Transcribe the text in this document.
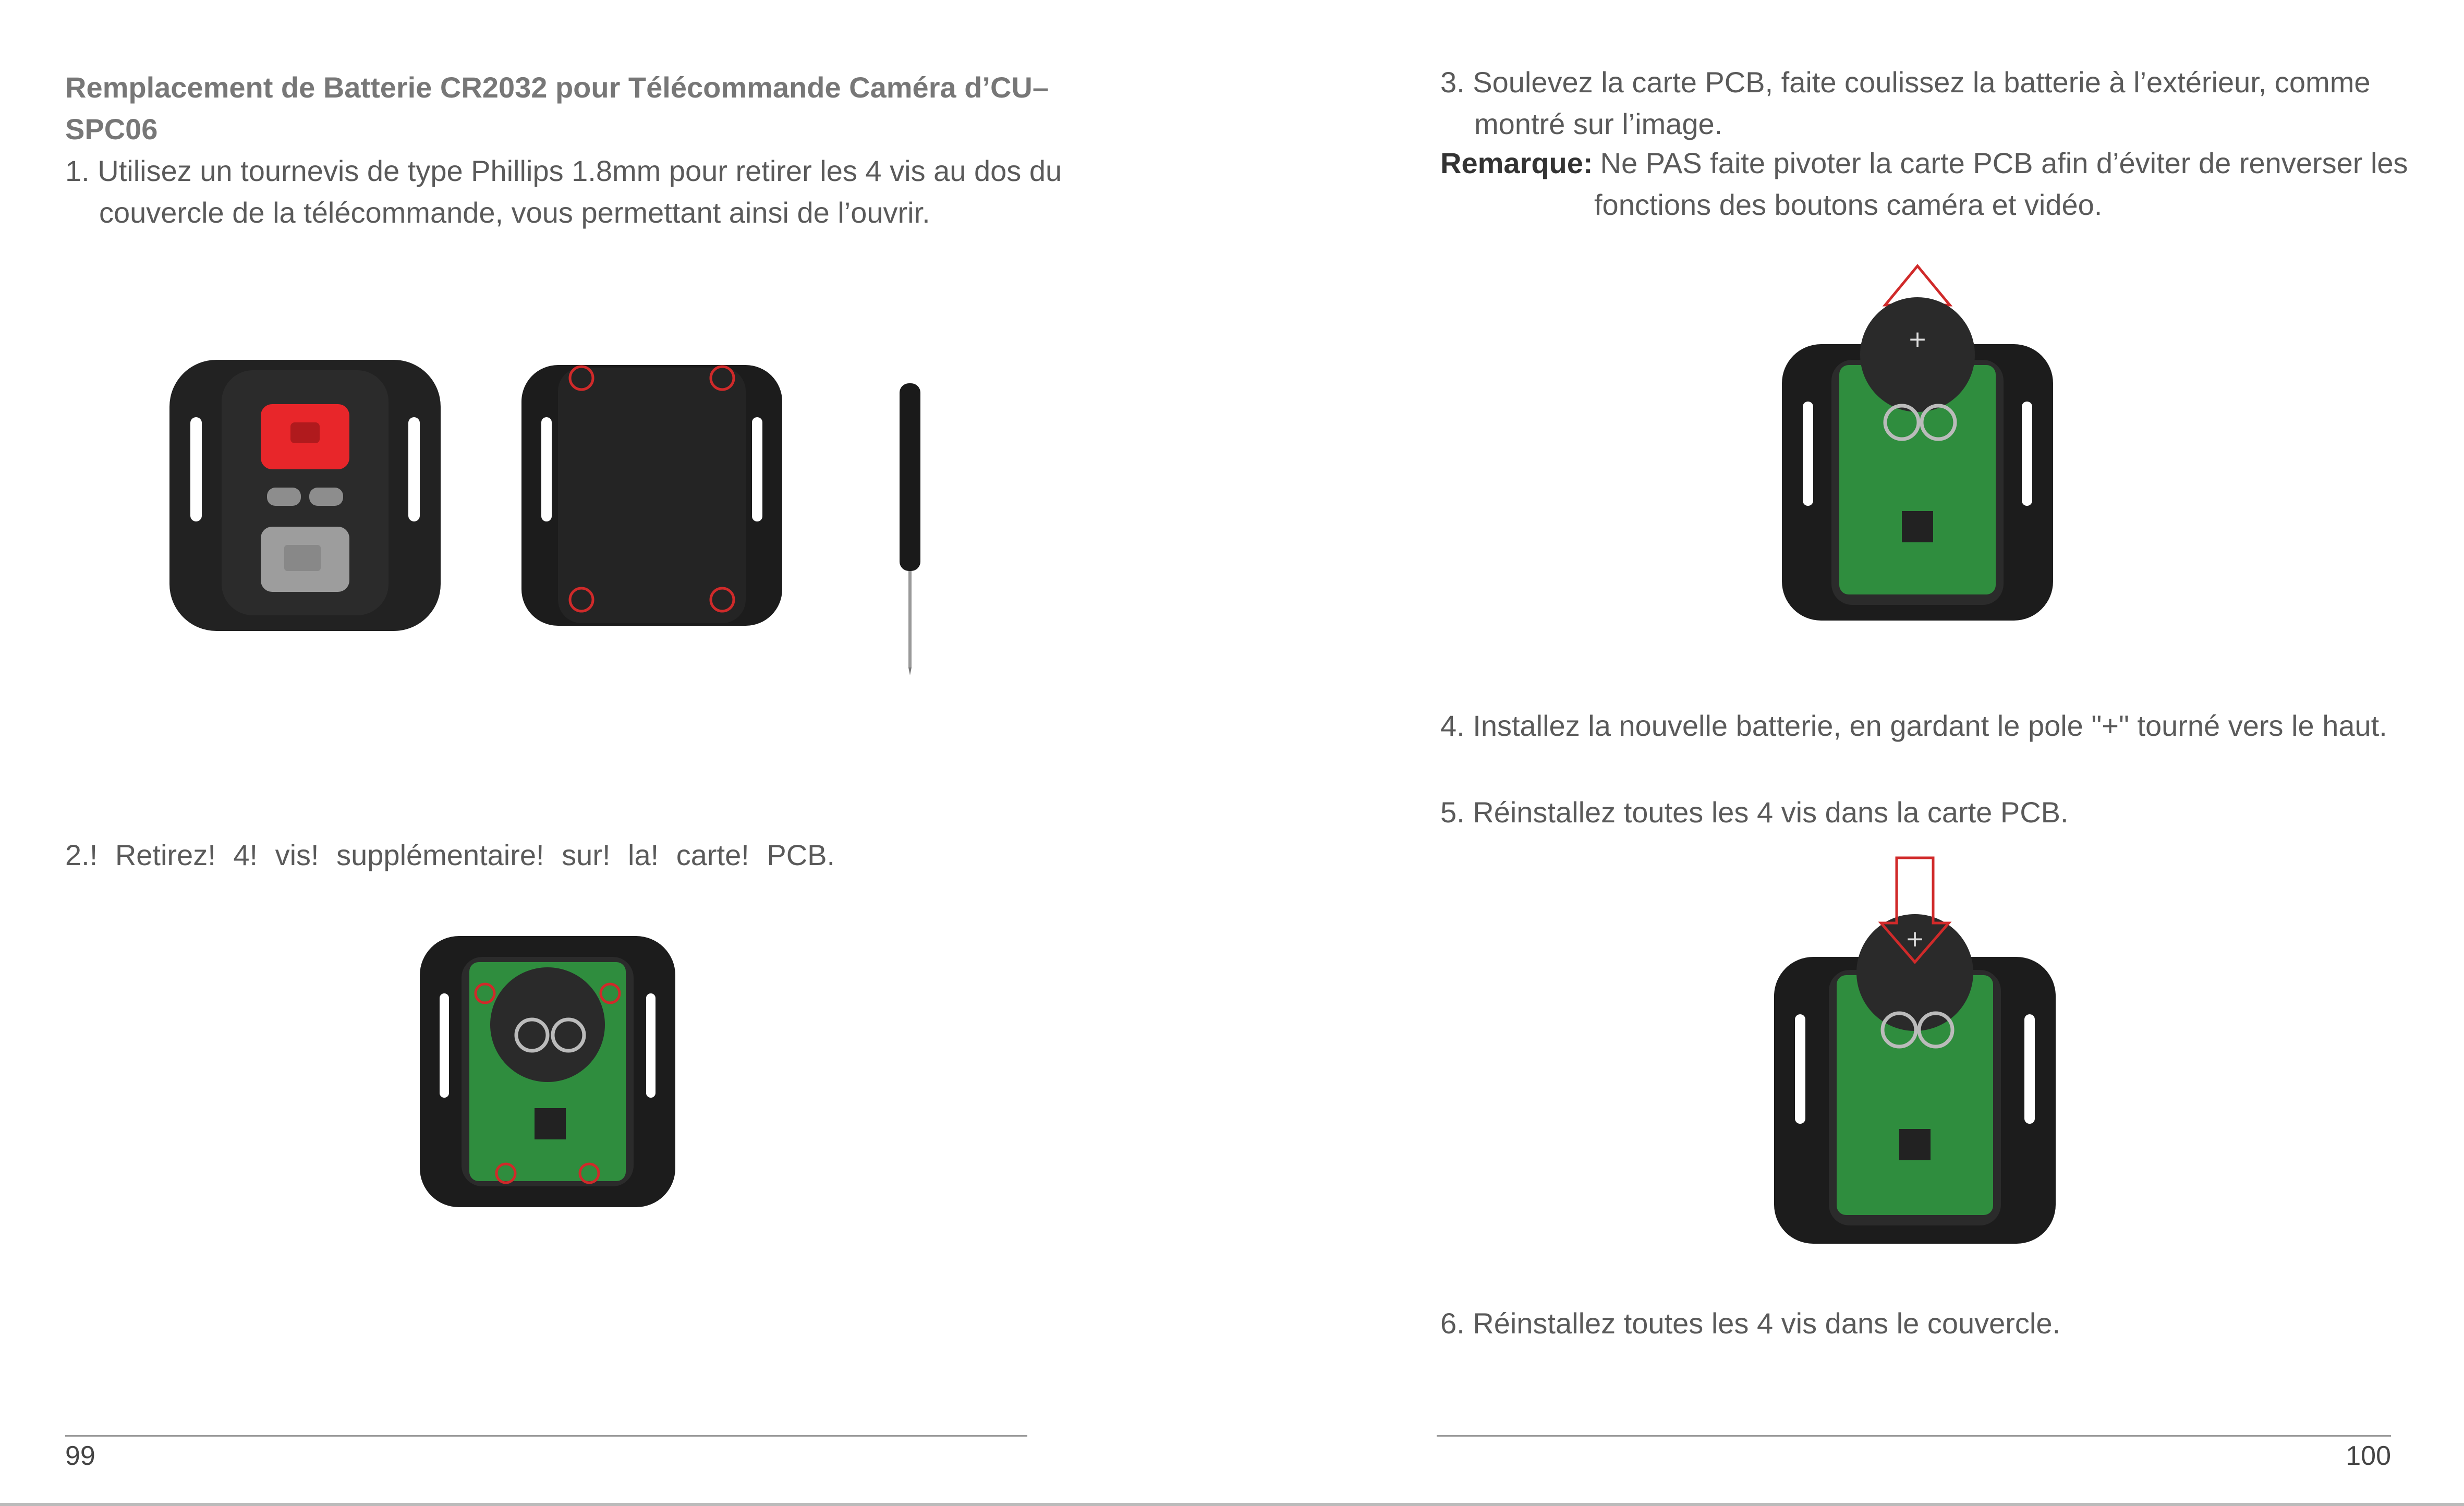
Remplacement de Batterie CR2032 pour Télécommande Caméra d’CU–SPC06

1. Utilisez un tournevis de type Phillips 1.8mm pour retirer les 4 vis au dos du couvercle de la télécommande, vous permettant ainsi de l’ouvrir.

2.! Retirez! 4! vis! supplémentaire! sur! la! carte! PCB.

99

3. Soulevez la carte PCB, faite coulissez la batterie à l’extérieur, comme montré sur l’image.

Remarque: Ne PAS faite pivoter la carte PCB afin d’éviter de renverser les
fonctions des boutons caméra et vidéo.
+

4. Installez la nouvelle batterie, en gardant le pole "+" tourné vers le haut.

5. Réinstallez toutes les 4 vis dans la carte PCB.

+

6. Réinstallez toutes les 4 vis dans le couvercle.

100
